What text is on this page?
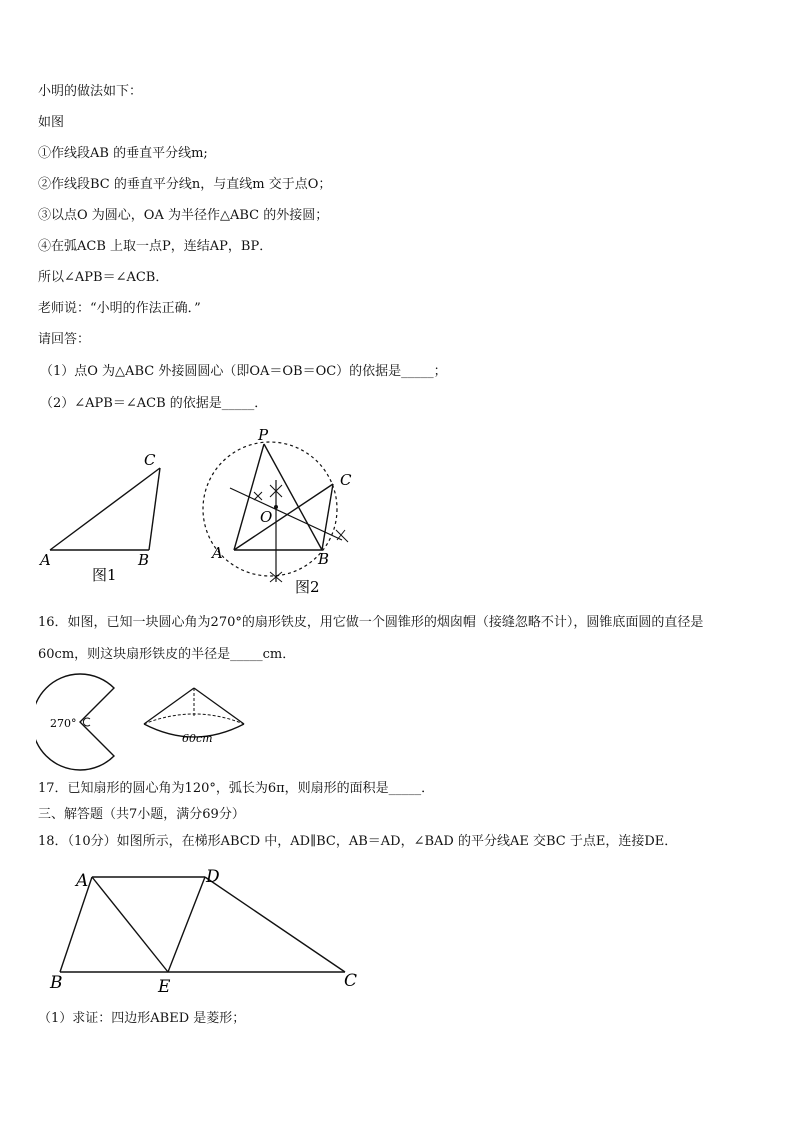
小明的做法如下：
如图
①作线段AB 的垂直平分线m;
②作线段BC 的垂直平分线n，与直线m 交于点O；
③以点O 为圆心，OA 为半径作△ABC 的外接圆；
④在弧ACB 上取一点P，连结AP，BP．
所以∠APB＝∠ACB．
老师说：“小明的作法正确．”
请回答：
（1）点O 为△ABC 外接圆圆心（即OA＝OB＝OC）的依据是_____；
（2）∠APB＝∠ACB 的依据是_____．
C
A	B
图1
P
C
O
A	B
图2
16．如图，已知一块圆心角为270°的扇形铁皮，用它做一个圆锥形的烟囱帽（接缝忽略不计），圆锥底面圆的直径是
60cm，则这块扇形铁皮的半径是_____cm．
270°
60cm
17．已知扇形的圆心角为120°，弧长为6π，则扇形的面积是_____．
三、解答题（共7小题，满分69分）
18．（10分）如图所示，在梯形ABCD 中，AD∥BC，AB＝AD，∠BAD 的平分线AE 交BC 于点E，连接DE．
A	D
B	E	C
（1）求证：四边形ABED 是菱形；
